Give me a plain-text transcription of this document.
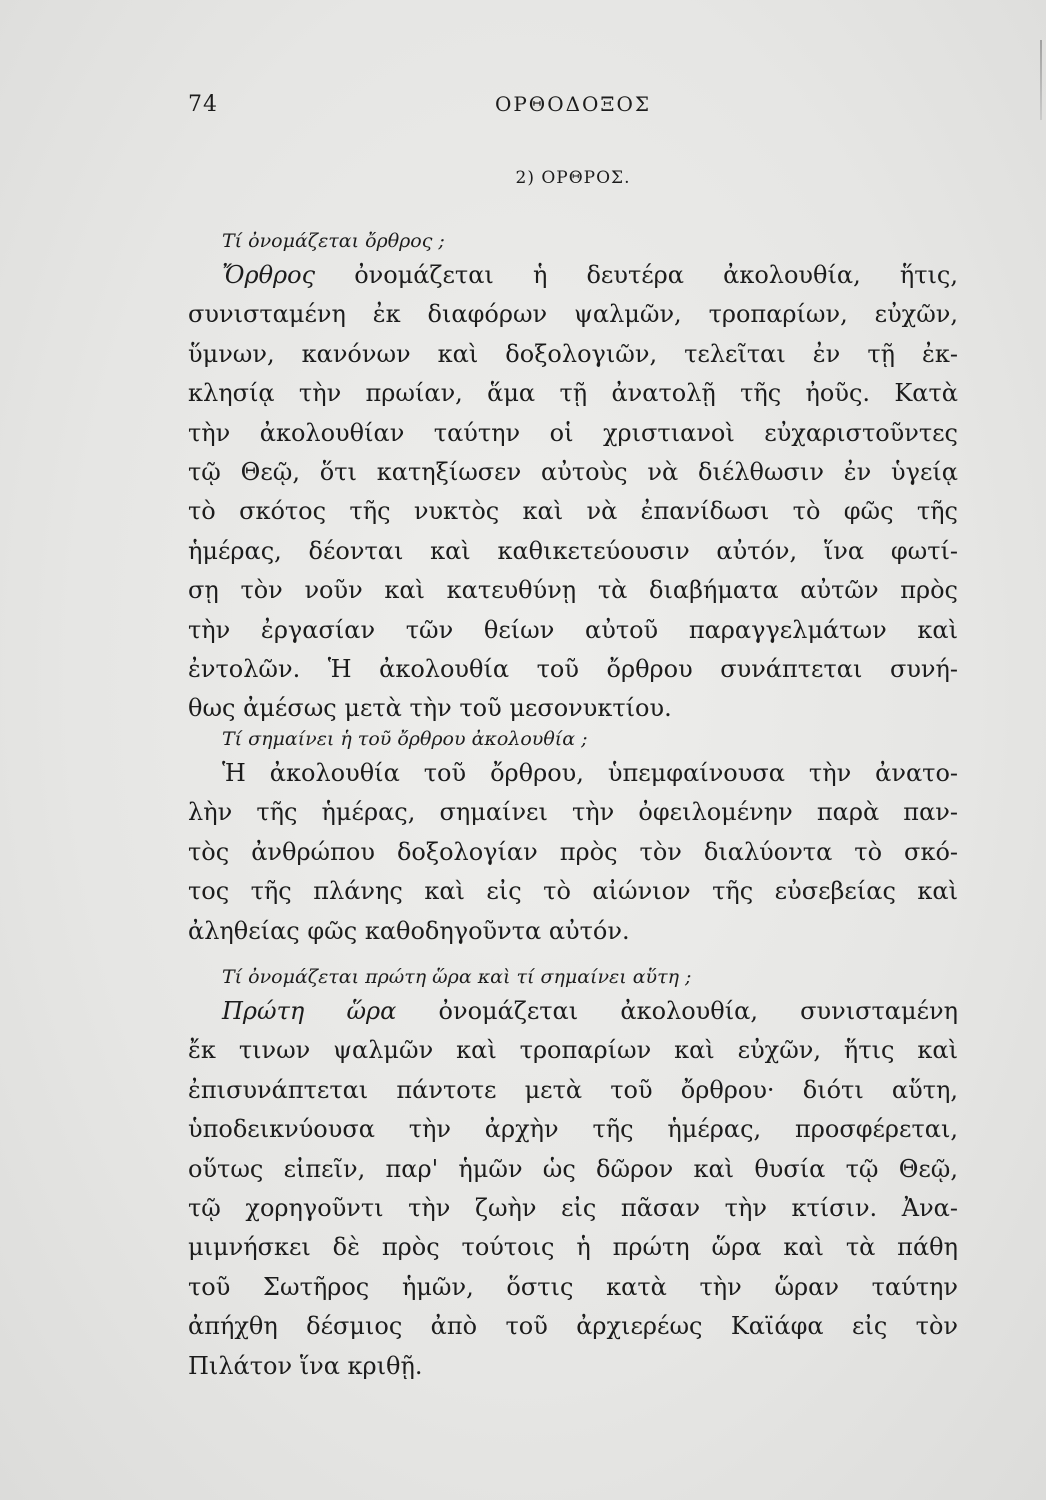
74	ΟΡΘΟΔΟΞΟΣ
2) ΟΡΘΡΟΣ.

Τί ὀνομάζεται ὄρθρος ;

Ὄρθρος ὀνομάζεται ἡ δευτέρα ἀκολουθία, ἥτις,
συνισταμένη ἐκ διαφόρων ψαλμῶν, τροπαρίων, εὐχῶν,
ὕμνων, κανόνων καὶ δοξολογιῶν, τελεῖται ἐν τῇ ἐκ-
κλησίᾳ τὴν πρωίαν, ἅμα τῇ ἀνατολῇ τῆς ἠοῦς. Κατὰ
τὴν ἀκολουθίαν ταύτην οἱ χριστιανοὶ εὐχαριστοῦντες
τῷ Θεῷ, ὅτι κατηξίωσεν αὐτοὺς νὰ διέλθωσιν ἐν ὑγείᾳ
τὸ σκότος τῆς νυκτὸς καὶ νὰ ἐπανίδωσι τὸ φῶς τῆς
ἡμέρας, δέονται καὶ καθικετεύουσιν αὐτόν, ἵνα φωτί-
σῃ τὸν νοῦν καὶ κατευθύνῃ τὰ διαβήματα αὐτῶν πρὸς
τὴν ἐργασίαν τῶν θείων αὐτοῦ παραγγελμάτων καὶ
ἐντολῶν. Ἡ ἀκολουθία τοῦ ὄρθρου συνάπτεται συνή-
θως ἀμέσως μετὰ τὴν τοῦ μεσονυκτίου.

Τί σημαίνει ἡ τοῦ ὄρθρου ἀκολουθία ;

Ἡ ἀκολουθία τοῦ ὄρθρου, ὑπεμφαίνουσα τὴν ἀνατο-
λὴν τῆς ἡμέρας, σημαίνει τὴν ὀφειλομένην παρὰ παν-
τὸς ἀνθρώπου δοξολογίαν πρὸς τὸν διαλύοντα τὸ σκό-
τος τῆς πλάνης καὶ εἰς τὸ αἰώνιον τῆς εὐσεβείας καὶ
ἀληθείας φῶς καθοδηγοῦντα αὐτόν.

Τί ὀνομάζεται πρώτη ὥρα καὶ τί σημαίνει αὕτη ;

Πρώτη ὥρα ὀνομάζεται ἀκολουθία, συνισταμένη
ἔκ τινων ψαλμῶν καὶ τροπαρίων καὶ εὐχῶν, ἥτις καὶ
ἐπισυνάπτεται πάντοτε μετὰ τοῦ ὄρθρου· διότι αὕτη,
ὑποδεικνύουσα τὴν ἀρχὴν τῆς ἡμέρας, προσφέρεται,
οὕτως εἰπεῖν, παρ' ἡμῶν ὡς δῶρον καὶ θυσία τῷ Θεῷ,
τῷ χορηγοῦντι τὴν ζωὴν εἰς πᾶσαν τὴν κτίσιν. Ἀνα-
μιμνήσκει δὲ πρὸς τούτοις ἡ πρώτη ὥρα καὶ τὰ πάθη
τοῦ Σωτῆρος ἡμῶν, ὅστις κατὰ τὴν ὥραν ταύτην
ἀπήχθη δέσμιος ἀπὸ τοῦ ἀρχιερέως Καϊάφα εἰς τὸν
Πιλάτον ἵνα κριθῇ.
